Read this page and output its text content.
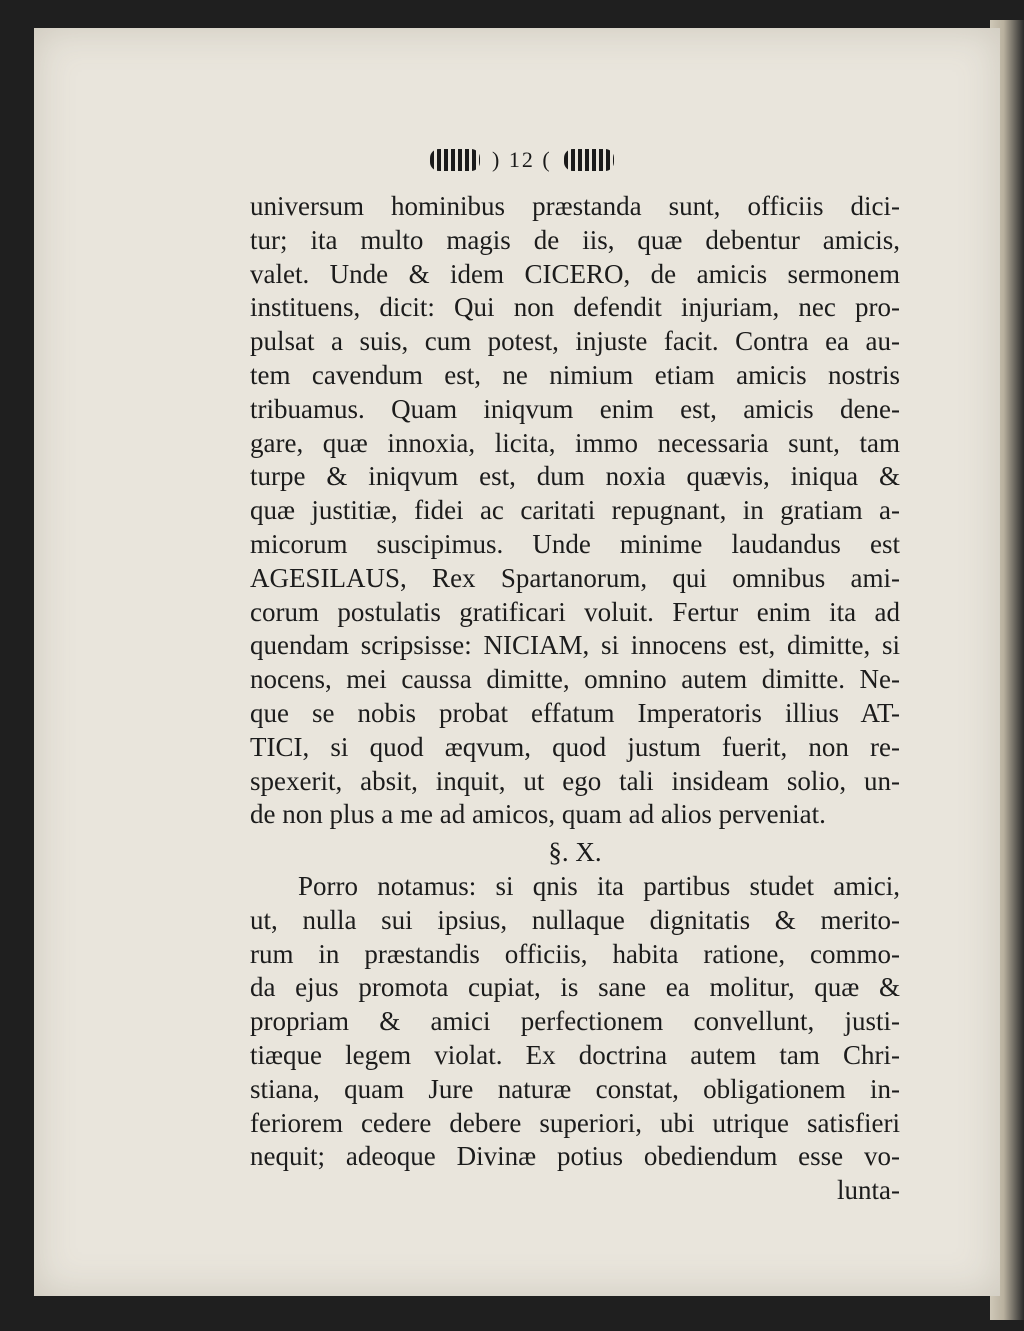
) 12 (
universum hominibus præstanda sunt, officiis dici-
tur; ita multo magis de iis, quæ debentur amicis,
valet. Unde & idem CICERO, de amicis sermonem
instituens, dicit: Qui non defendit injuriam, nec pro-
pulsat a suis, cum potest, injuste facit. Contra ea au-
tem cavendum est, ne nimium etiam amicis nostris
tribuamus. Quam iniqvum enim est, amicis dene-
gare, quæ innoxia, licita, immo necessaria sunt, tam
turpe & iniqvum est, dum noxia quævis, iniqua &
quæ justitiæ, fidei ac caritati repugnant, in gratiam a-
micorum suscipimus. Unde minime laudandus est
AGESILAUS, Rex Spartanorum, qui omnibus ami-
corum postulatis gratificari voluit. Fertur enim ita ad
quendam scripsisse: NICIAM, si innocens est, dimitte, si
nocens, mei caussa dimitte, omnino autem dimitte. Ne-
que se nobis probat effatum Imperatoris illius AT-
TICI, si quod æqvum, quod justum fuerit, non re-
spexerit, absit, inquit, ut ego tali insideam solio, un-
de non plus a me ad amicos, quam ad alios perveniat.
§. X.
Porro notamus: si qnis ita partibus studet amici,
ut, nulla sui ipsius, nullaque dignitatis & merito-
rum in præstandis officiis, habita ratione, commo-
da ejus promota cupiat, is sane ea molitur, quæ &
propriam & amici perfectionem convellunt, justi-
tiæque legem violat. Ex doctrina autem tam Chri-
stiana, quam Jure naturæ constat, obligationem in-
feriorem cedere debere superiori, ubi utrique satisfieri
nequit; adeoque Divinæ potius obediendum esse vo-
lunta-
